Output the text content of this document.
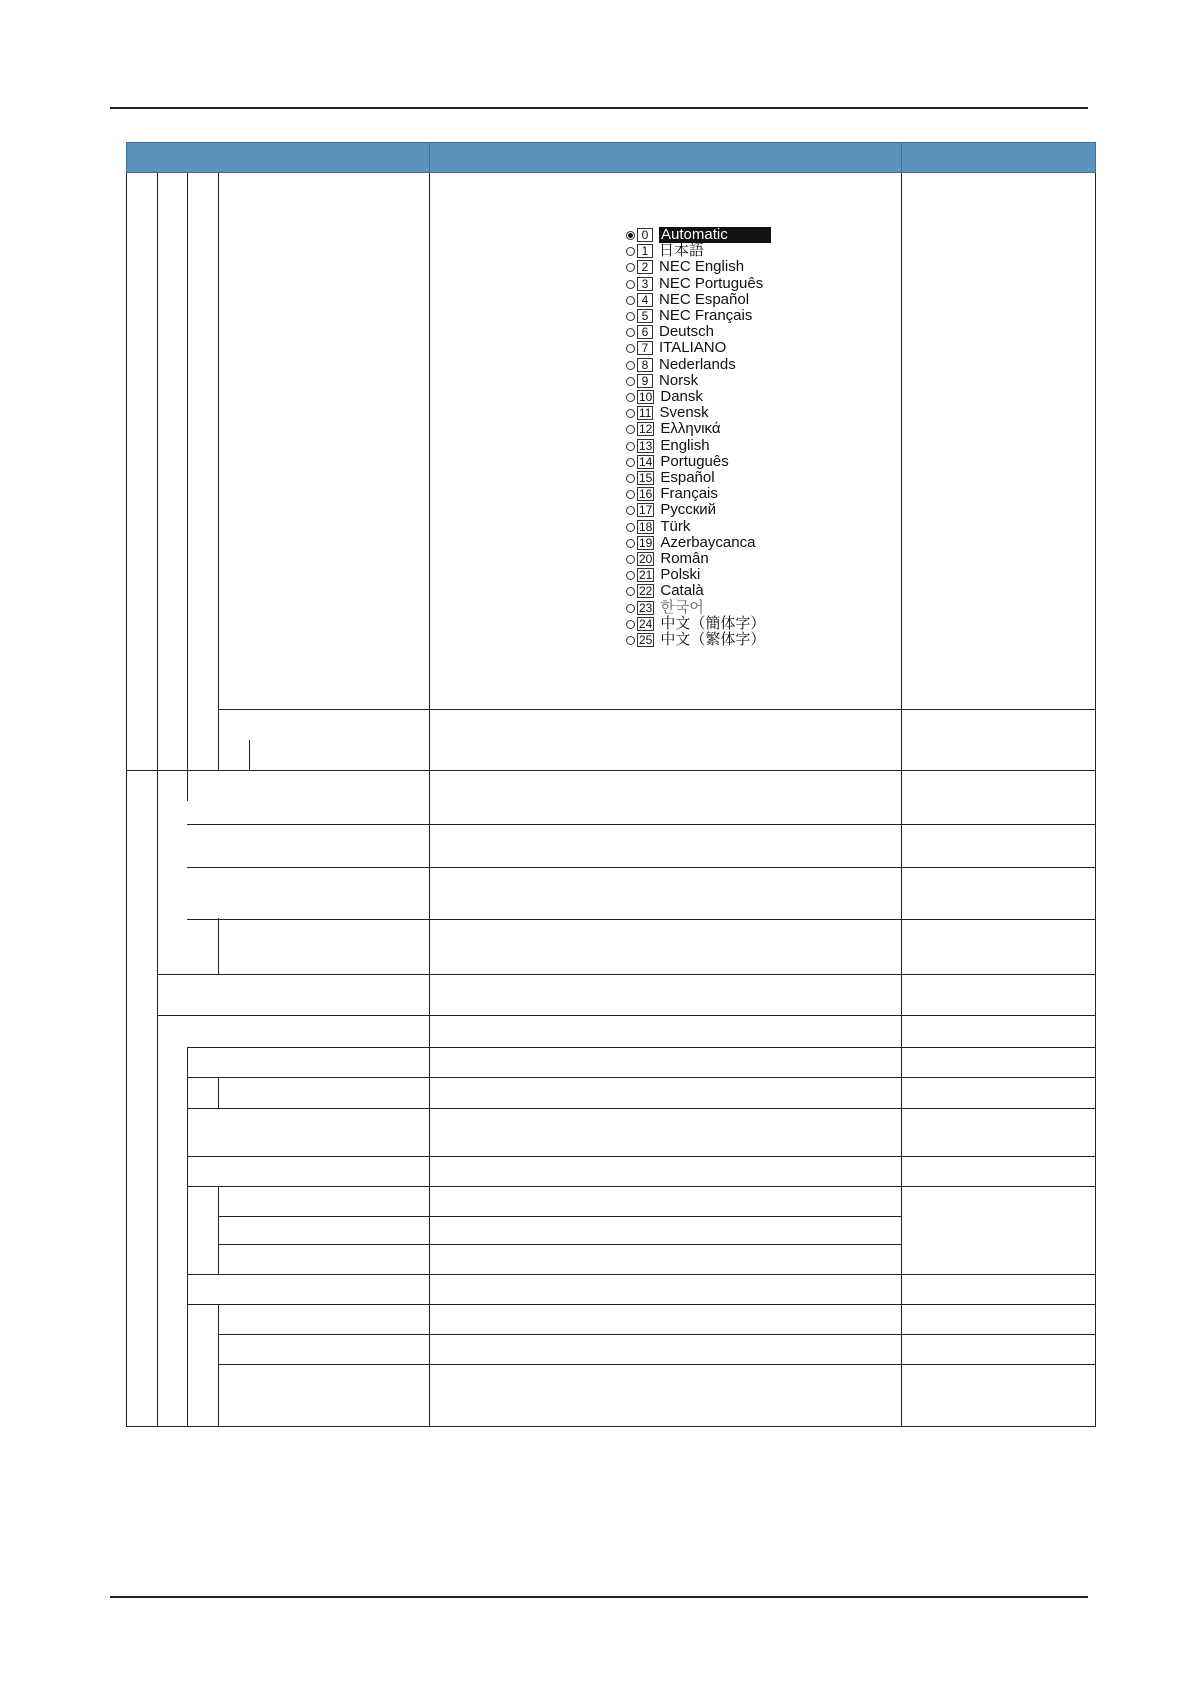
0 Automatic
1 日本語
2 NEC English
3 NEC Português
4 NEC Español
5 NEC Français
6 Deutsch
7 ITALIANO
8 Nederlands
9 Norsk
10 Dansk
11 Svensk
12 Ελληνικά
13 English
14 Português
15 Español
16 Français
17 Русский
18 Türk
19 Azerbaycanca
20 Român
21 Polski
22 Català
23 한국어
24 中文（簡体字）
25 中文（繁体字）
